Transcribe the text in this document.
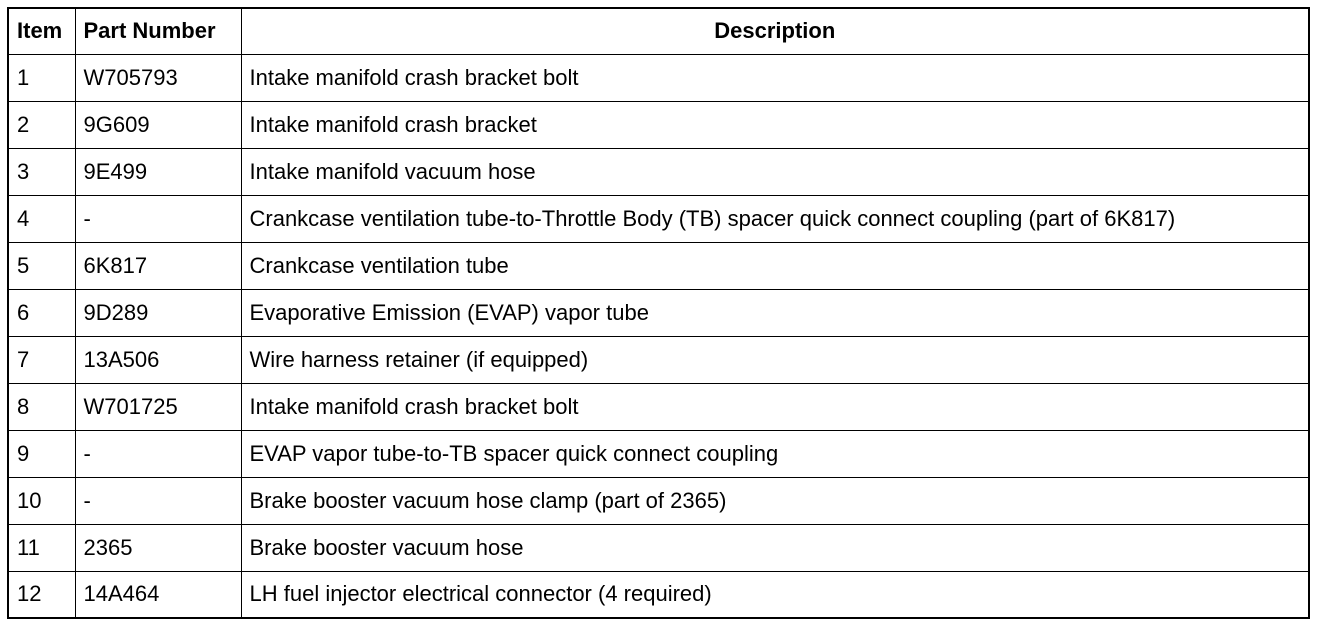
Item	Part Number	Description
1	W705793	Intake manifold crash bracket bolt
2	9G609	Intake manifold crash bracket
3	9E499	Intake manifold vacuum hose
4	-	Crankcase ventilation tube-to-Throttle Body (TB) spacer quick connect coupling (part of 6K817)
5	6K817	Crankcase ventilation tube
6	9D289	Evaporative Emission (EVAP) vapor tube
7	13A506	Wire harness retainer (if equipped)
8	W701725	Intake manifold crash bracket bolt
9	-	EVAP vapor tube-to-TB spacer quick connect coupling
10	-	Brake booster vacuum hose clamp (part of 2365)
11	2365	Brake booster vacuum hose
12	14A464	LH fuel injector electrical connector (4 required)
